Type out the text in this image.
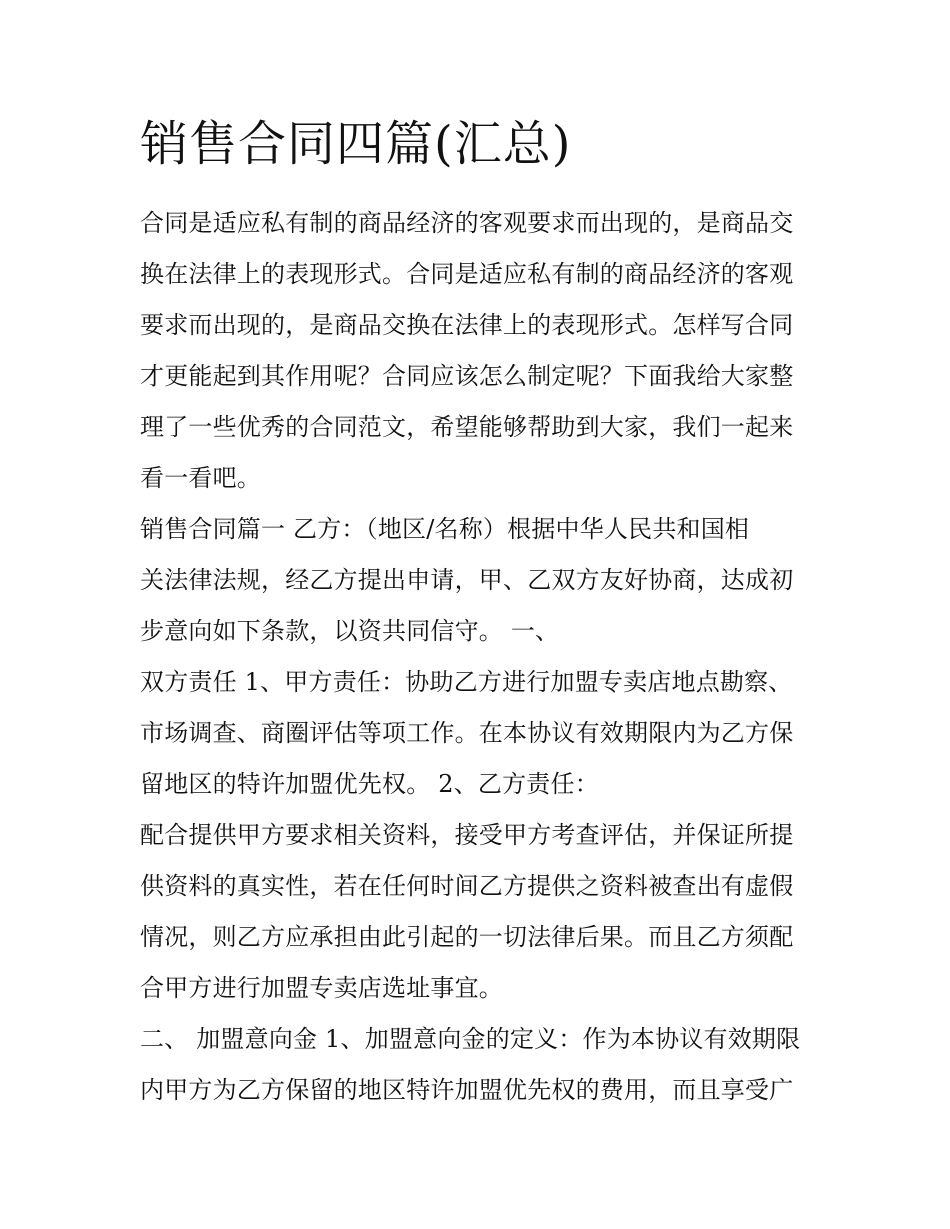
销售合同四篇(汇总)
合同是适应私有制的商品经济的客观要求而出现的，是商品交
换在法律上的表现形式。合同是适应私有制的商品经济的客观
要求而出现的，是商品交换在法律上的表现形式。怎样写合同
才更能起到其作用呢？合同应该怎么制定呢？下面我给大家整
理了一些优秀的合同范文，希望能够帮助到大家，我们一起来
看一看吧。
销售合同篇一 乙方：（地区/名称）根据中华人民共和国相
关法律法规，经乙方提出申请，甲、乙双方友好协商，达成初
步意向如下条款，以资共同信守。 一、
双方责任 1、甲方责任：协助乙方进行加盟专卖店地点勘察、
市场调查、商圈评估等项工作。在本协议有效期限内为乙方保
留地区的特许加盟优先权。 2、乙方责任：
配合提供甲方要求相关资料，接受甲方考查评估，并保证所提
供资料的真实性，若在任何时间乙方提供之资料被查出有虚假
情况，则乙方应承担由此引起的一切法律后果。而且乙方须配
合甲方进行加盟专卖店选址事宜。
二、 加盟意向金 1、加盟意向金的定义：作为本协议有效期限
内甲方为乙方保留的地区特许加盟优先权的费用，而且享受广
